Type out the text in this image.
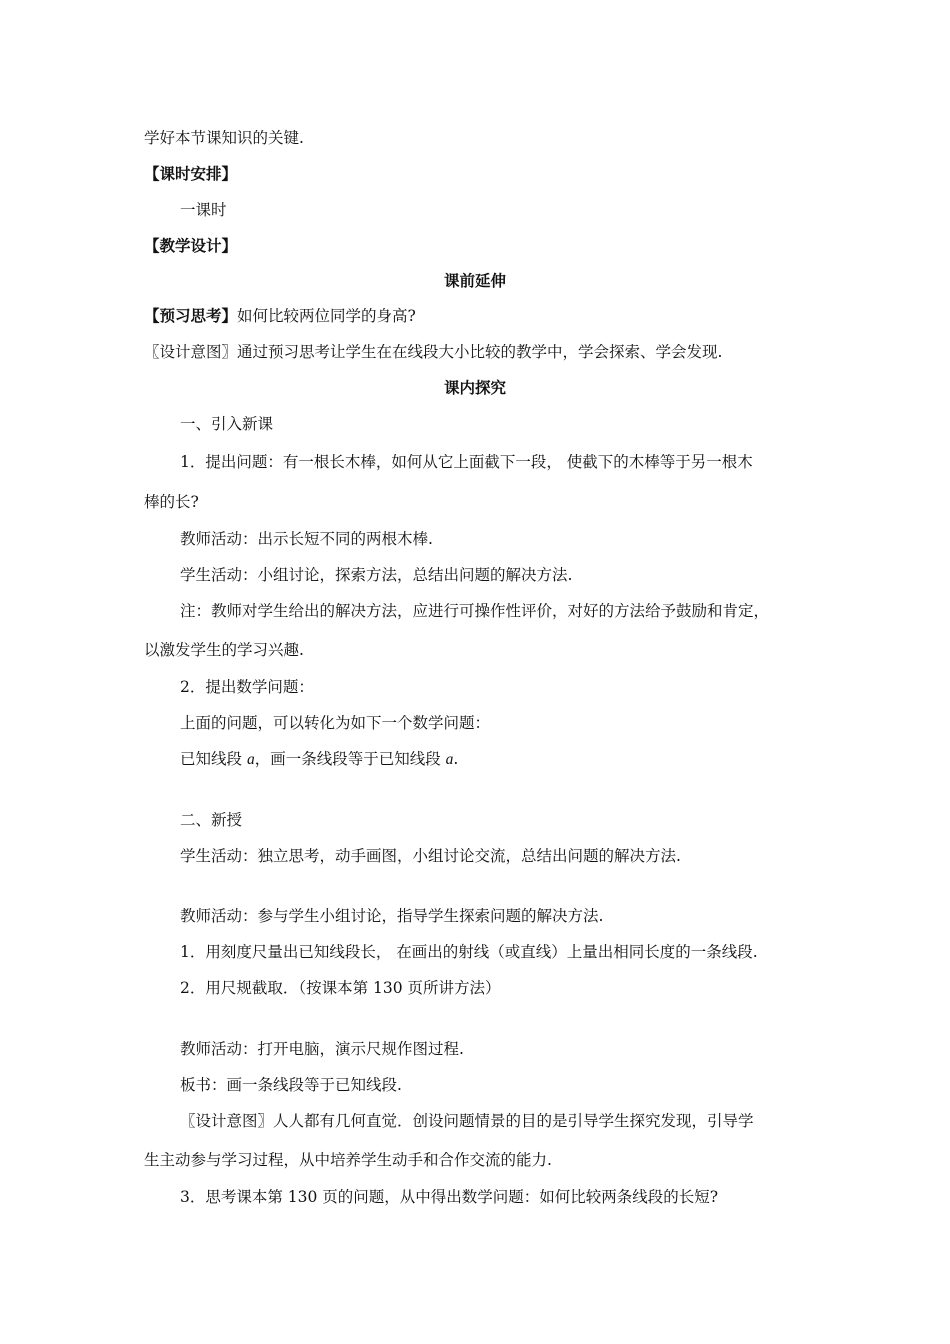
学好本节课知识的关键.

【课时安排】

一课时

【教学设计】

课前延伸

【预习思考】如何比较两位同学的身高?

〖设计意图〗通过预习思考让学生在在线段大小比较的教学中，学会探索、学会发现.

课内探究

一、引入新课

1．提出问题：有一根长木棒，如何从它上面截下一段， 使截下的木棒等于另一根木

棒的长?

教师活动：出示长短不同的两根木棒.

学生活动：小组讨论，探索方法，总结出问题的解决方法.

注：教师对学生给出的解决方法，应进行可操作性评价，对好的方法给予鼓励和肯定，

以激发学生的学习兴趣.

2．提出数学问题：

上面的问题，可以转化为如下一个数学问题：

已知线段 a，画一条线段等于已知线段 a.

二、新授

学生活动：独立思考，动手画图，小组讨论交流，总结出问题的解决方法.

教师活动：参与学生小组讨论，指导学生探索问题的解决方法.

1．用刻度尺量出已知线段长， 在画出的射线（或直线）上量出相同长度的一条线段.

2．用尺规截取．（按课本第 130 页所讲方法）

教师活动：打开电脑，演示尺规作图过程.

板书：画一条线段等于已知线段.

〖设计意图〗人人都有几何直觉．创设问题情景的目的是引导学生探究发现，引导学

生主动参与学习过程，从中培养学生动手和合作交流的能力.

3．思考课本第 130 页的问题，从中得出数学问题：如何比较两条线段的长短?
